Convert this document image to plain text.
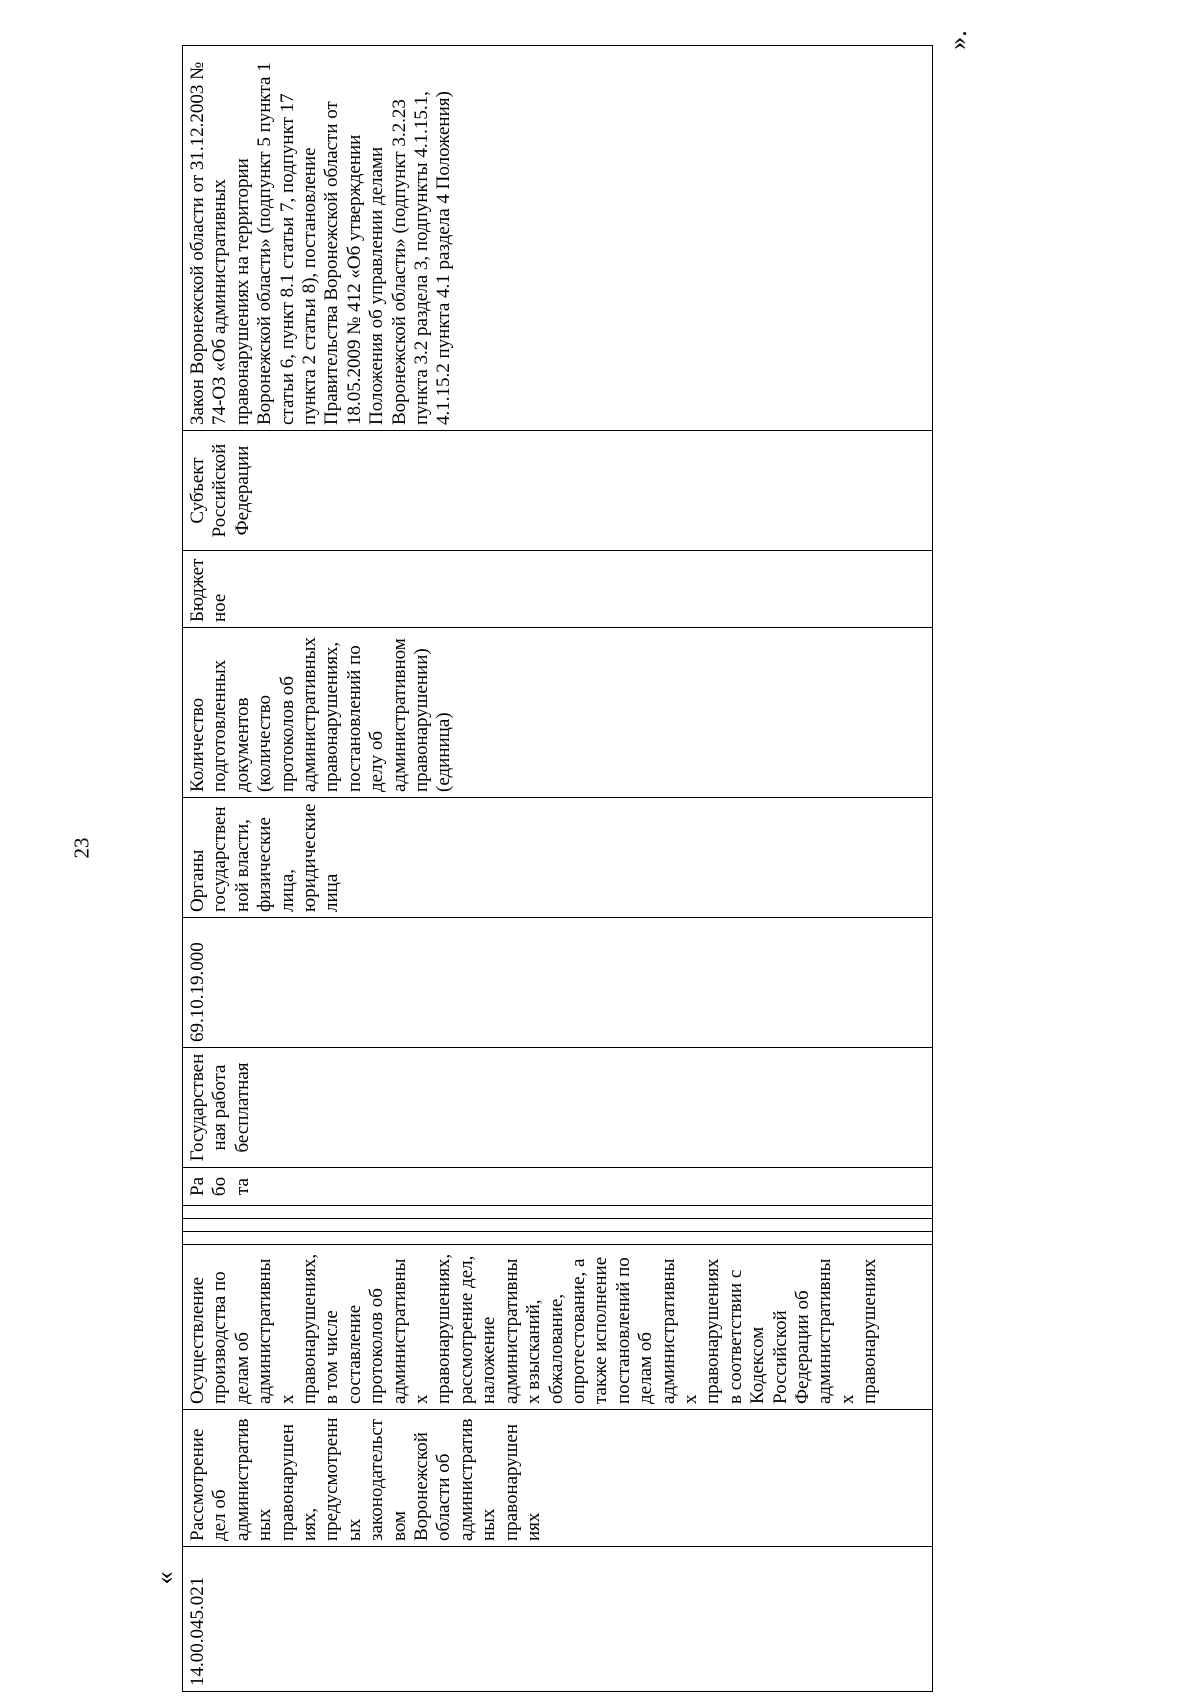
23
«
».
14.00.045.021	Рассмотрение дел об административных правонарушениях, предусмотренных законодательством Воронежской области об административных правонарушениях	Осуществление производства по делам об административных правонарушениях, в том числе составление протоколов об административных правонарушениях, рассмотрение дел, наложение административных взысканий, обжалование, опротестование, а также исполнение постановлений по делам об административных правонарушениях в соответствии с Кодексом Российской Федерации об административных правонарушениях				Работа	Государственная работа бесплатная	69.10.19.000	Органы государственной власти, физические лица, юридические лица	Количество подготовленных документов (количество протоколов об административных правонарушениях, постановлений по делу об административном правонарушении) (единица)	Бюджетное	Субъект Российской Федерации	Закон Воронежской области от 31.12.2003 № 74-ОЗ «Об административных правонарушениях на территории Воронежской области» (подпункт 5 пункта 1 статьи 6, пункт 8.1 статьи 7, подпункт 17 пункта 2 статьи 8), постановление Правительства Воронежской области от 18.05.2009 № 412 «Об утверждении Положения об управлении делами Воронежской области» (подпункт 3.2.23 пункта 3.2 раздела 3, подпункты 4.1.15.1, 4.1.15.2 пункта 4.1 раздела 4 Положения)
